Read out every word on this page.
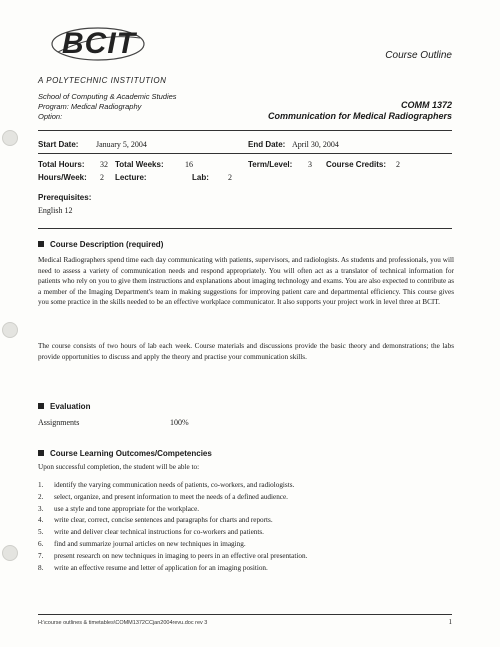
BCIT
A POLYTECHNIC INSTITUTION
Course Outline
School of Computing & Academic Studies
Program: Medical Radiography
Option:
COMM 1372
Communication for Medical Radiographers
Start Date: January 5, 2004	End Date: April 30, 2004
Total Hours: 32 Total Weeks:	16	Term/Level: 3 Course Credits: 2
Hours/Week: 2 Lecture:	Lab: 2
Prerequisites:
English 12
Course Description (required)
Medical Radiographers spend time each day communicating with patients, supervisors, and radiologists. As students and professionals, you will need to assess a variety of communication needs and respond appropriately. You will often act as a translator of technical information for patients who rely on you to give them instructions and explanations about imaging technology and exams. You are also expected to contribute as a member of the Imaging Department's team in making suggestions for improving patient care and departmental efficiency. This course gives you some practice in the skills needed to be an effective workplace communicator. It also supports your project work in level three at BCIT.
The course consists of two hours of lab each week. Course materials and discussions provide the basic theory and demonstrations; the labs provide opportunities to discuss and apply the theory and practise your communication skills.
Evaluation
Assignments	100%
Course Learning Outcomes/Competencies
Upon successful completion, the student will be able to:
1.	identify the varying communication needs of patients, co-workers, and radiologists.
2.	select, organize, and present information to meet the needs of a defined audience.
3.	use a style and tone appropriate for the workplace.
4.	write clear, correct, concise sentences and paragraphs for charts and reports.
5.	write and deliver clear technical instructions for co-workers and patients.
6.	find and summarize journal articles on new techniques in imaging.
7.	present research on new techniques in imaging to peers in an effective oral presentation.
8.	write an effective resume and letter of application for an imaging position.
H:\course outlines & timetables\COMM1372CCjan2004revu.doc rev 3	1
